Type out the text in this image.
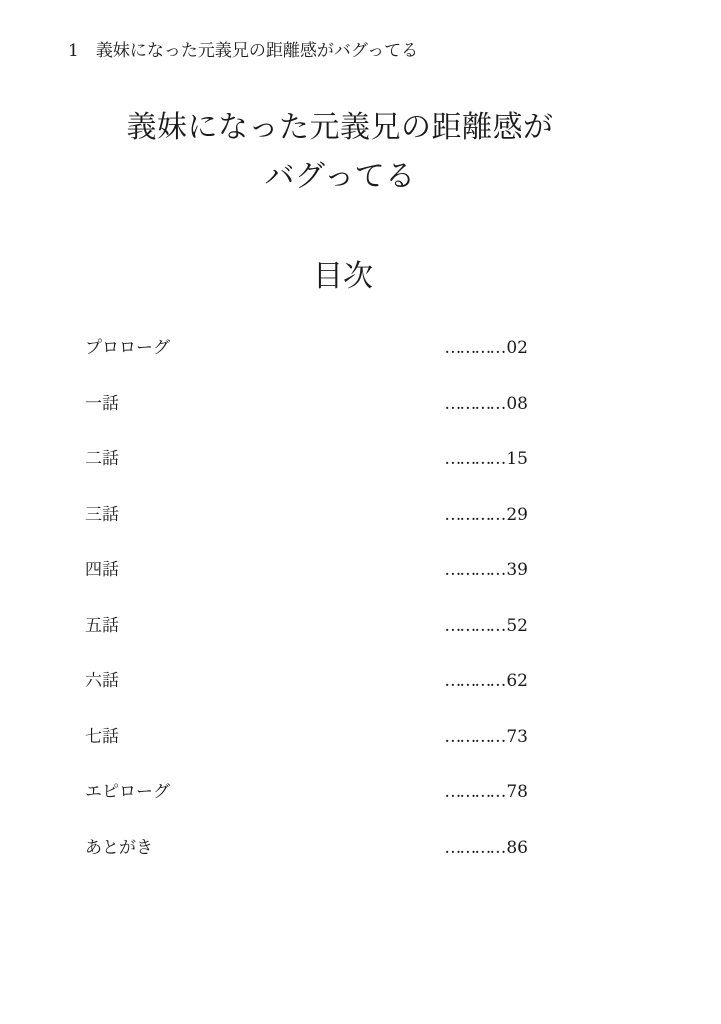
1 義妹になった元義兄の距離感がバグってる
義妹になった元義兄の距離感が
バグってる
目次
プロローグ	………… 02
一話	………… 08
二話	………… 15
三話	………… 29
四話	………… 39
五話	………… 52
六話	………… 62
七話	………… 73
エピローグ	………… 78
あとがき	………… 86
